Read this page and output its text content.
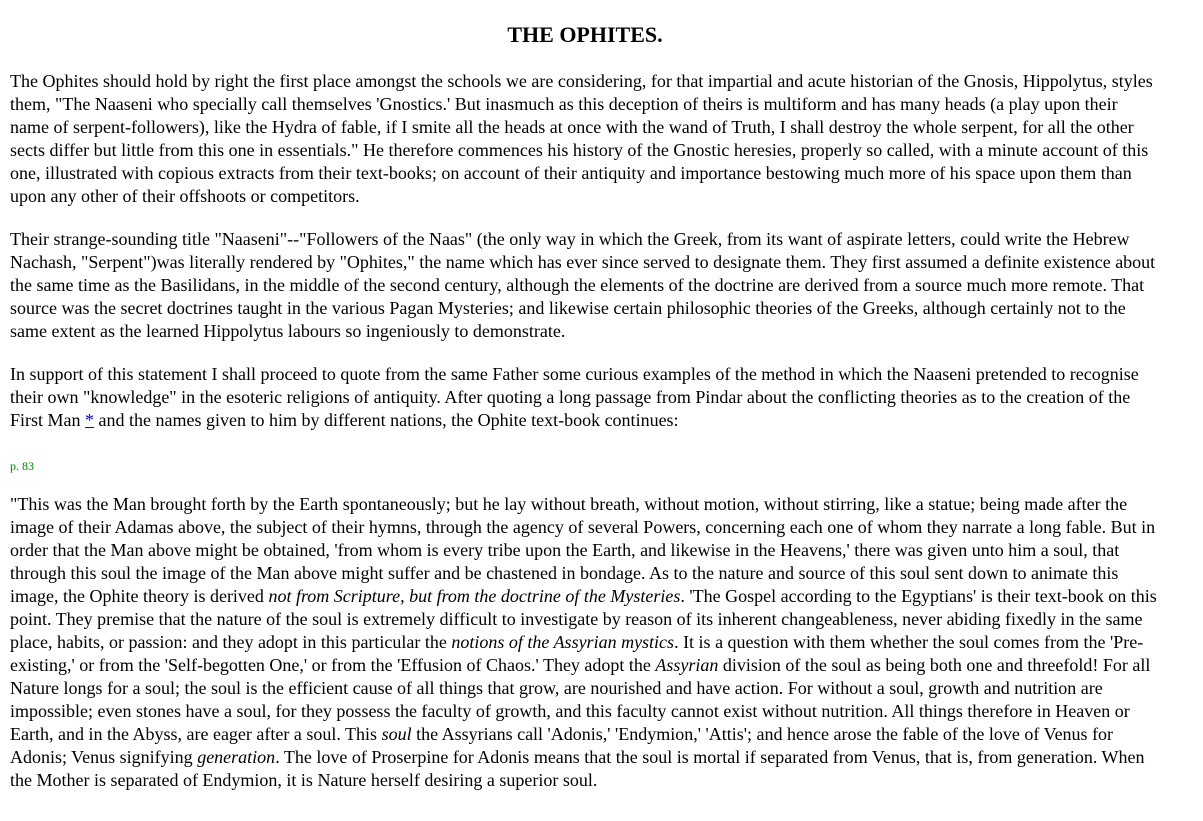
THE OPHITES.

The Ophites should hold by right the first place amongst the schools we are considering, for that impartial and acute historian of the Gnosis, Hippolytus, styles them, "The Naaseni who specially call themselves 'Gnostics.' But inasmuch as this deception of theirs is multiform and has many heads (a play upon their name of serpent-followers), like the Hydra of fable, if I smite all the heads at once with the wand of Truth, I shall destroy the whole serpent, for all the other sects differ but little from this one in essentials." He therefore commences his history of the Gnostic heresies, properly so called, with a minute account of this one, illustrated with copious extracts from their text-books; on account of their antiquity and importance bestowing much more of his space upon them than upon any other of their offshoots or competitors.

Their strange-sounding title "Naaseni"--"Followers of the Naas" (the only way in which the Greek, from its want of aspirate letters, could write the Hebrew Nachash, "Serpent")was literally rendered by "Ophites," the name which has ever since served to designate them. They first assumed a definite existence about the same time as the Basilidans, in the middle of the second century, although the elements of the doctrine are derived from a source much more remote. That source was the secret doctrines taught in the various Pagan Mysteries; and likewise certain philosophic theories of the Greeks, although certainly not to the same extent as the learned Hippolytus labours so ingeniously to demonstrate.

In support of this statement I shall proceed to quote from the same Father some curious examples of the method in which the Naaseni pretended to recognise their own "knowledge" in the esoteric religions of antiquity. After quoting a long passage from Pindar about the conflicting theories as to the creation of the First Man * and the names given to him by different nations, the Ophite text-book continues:

p. 83

"This was the Man brought forth by the Earth spontaneously; but he lay without breath, without motion, without stirring, like a statue; being made after the image of their Adamas above, the subject of their hymns, through the agency of several Powers, concerning each one of whom they narrate a long fable. But in order that the Man above might be obtained, 'from whom is every tribe upon the Earth, and likewise in the Heavens,' there was given unto him a soul, that through this soul the image of the Man above might suffer and be chastened in bondage. As to the nature and source of this soul sent down to animate this image, the Ophite theory is derived not from Scripture, but from the doctrine of the Mysteries. 'The Gospel according to the Egyptians' is their text-book on this point. They premise that the nature of the soul is extremely difficult to investigate by reason of its inherent changeableness, never abiding fixedly in the same place, habits, or passion: and they adopt in this particular the notions of the Assyrian mystics. It is a question with them whether the soul comes from the 'Pre-existing,' or from the 'Self-begotten One,' or from the 'Effusion of Chaos.' They adopt the Assyrian division of the soul as being both one and threefold! For all Nature longs for a soul; the soul is the efficient cause of all things that grow, are nourished and have action. For without a soul, growth and nutrition are impossible; even stones have a soul, for they possess the faculty of growth, and this faculty cannot exist without nutrition. All things therefore in Heaven or Earth, and in the Abyss, are eager after a soul. This soul the Assyrians call 'Adonis,' 'Endymion,' 'Attis'; and hence arose the fable of the love of Venus for Adonis; Venus signifying generation. The love of Proserpine for Adonis means that the soul is mortal if separated from Venus, that is, from generation. When the Mother is separated of Endymion, it is Nature herself desiring a superior soul.
